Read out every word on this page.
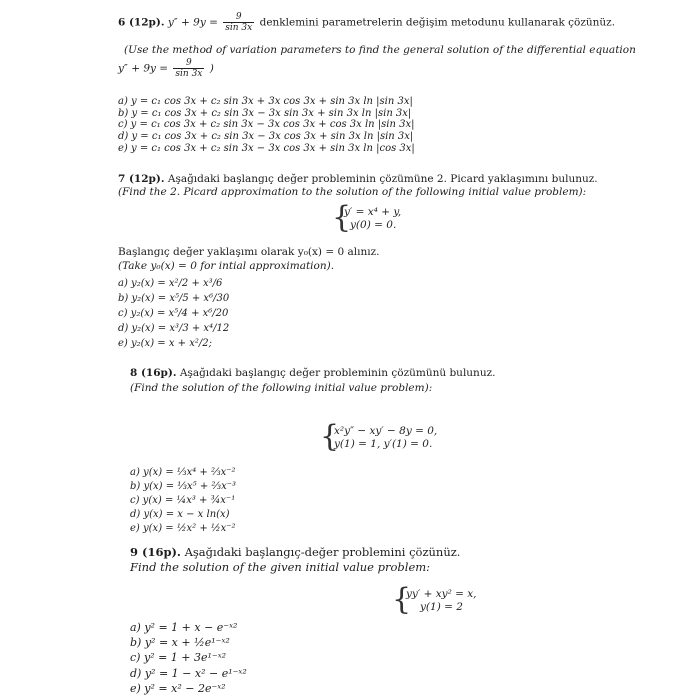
6 (12p). $y'' + 9y = \frac{9}{\sin 3x}$ denklemini parametrelerin değişim metodunu kullanarak çözünüz.
(Use the method of variation parameters to find the general solution of the differential equation
$y'' + 9y = \frac{9}{\sin 3x}$ )
a) y = c₁ cos 3x + c₂ sin 3x + 3x cos 3x + sin 3x ln |sin 3x|
b) y = c₁ cos 3x + c₂ sin 3x − 3x sin 3x + sin 3x ln |sin 3x|
c) y = c₁ cos 3x + c₂ sin 3x − 3x cos 3x + cos 3x ln |sin 3x|
d) y = c₁ cos 3x + c₂ sin 3x − 3x cos 3x + sin 3x ln |sin 3x|
e) y = c₁ cos 3x + c₂ sin 3x − 3x cos 3x + sin 3x ln |cos 3x|
7 (12p). Aşağıdaki başlangıç değer probleminin çözümüne 2. Picard yaklaşımını bulunuz.
(Find the 2. Picard approximation to the solution of the following initial value problem):
{
y′ = x⁴ + y,
y(0) = 0.
Başlangıç değer yaklaşımı olarak y₀(x) = 0 alınız.
(Take y₀(x) = 0 for intial approximation).
a) y₂(x) = x²/2 + x³/6
b) y₂(x) = x⁵/5 + x⁶/30
c) y₂(x) = x⁵/4 + x⁶/20
d) y₂(x) = x³/3 + x⁴/12
e) y₂(x) = x + x²/2;
8 (16p). Aşağıdaki başlangıç değer probleminin çözümünü bulunuz.
(Find the solution of the following initial value problem):
{
x²y″ − xy′ − 8y = 0,
y(1) = 1, y′(1) = 0.
a) y(x) = ⅓x⁴ + ⅔x⁻²
b) y(x) = ⅓x⁵ + ⅔x⁻³
c) y(x) = ¼x³ + ¾x⁻¹
d) y(x) = x − x ln(x)
e) y(x) = ½x² + ½x⁻²
9 (16p). Aşağıdaki başlangıç-değer problemini çözünüz.
Find the solution of the given initial value problem:
{
yy′ + xy² = x,
y(1) = 2
a) y² = 1 + x − e⁻ˣ²
b) y² = x + ½e¹⁻ˣ²
c) y² = 1 + 3e¹⁻ˣ²
d) y² = 1 − x² − e¹⁻ˣ²
e) y² = x² − 2e⁻ˣ²
